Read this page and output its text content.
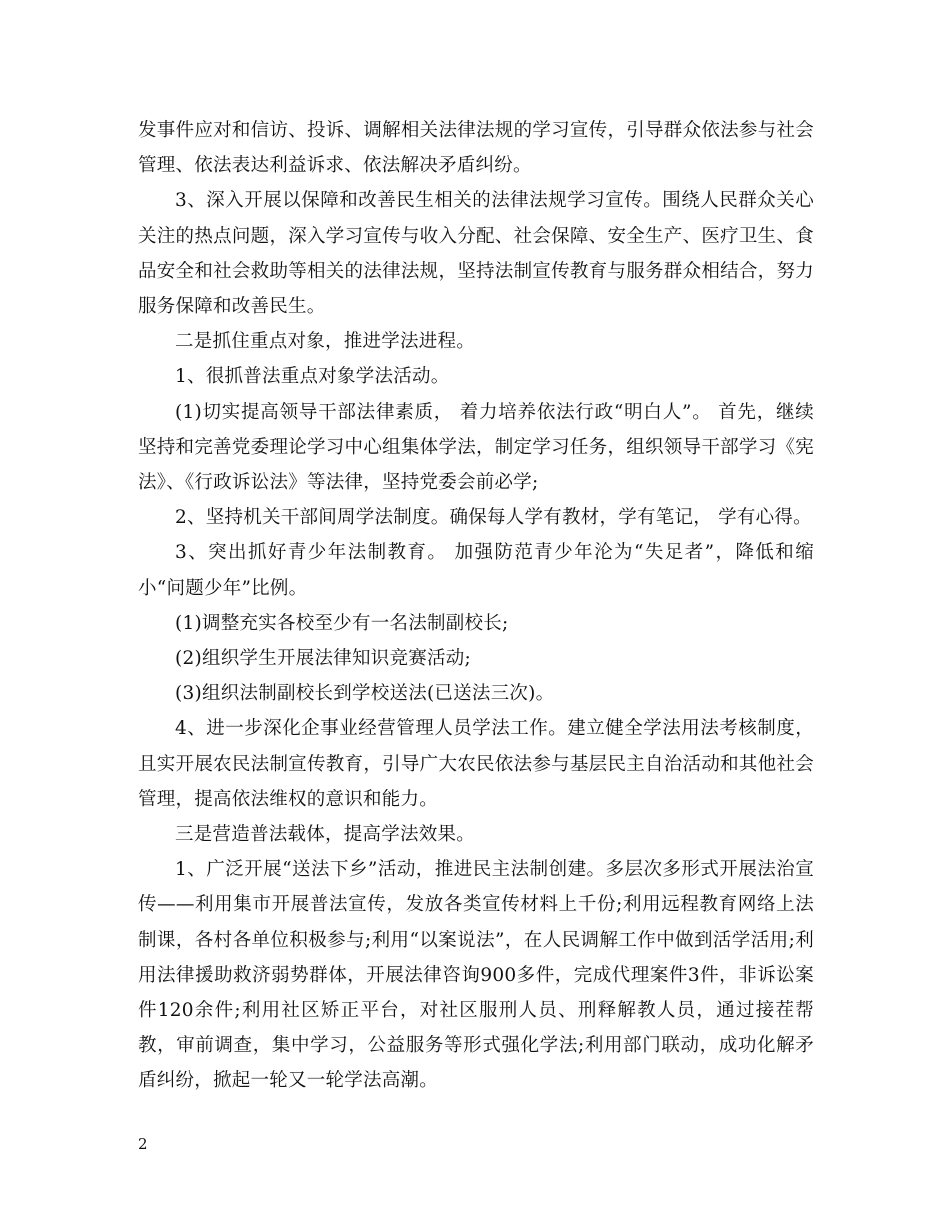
发事件应对和信访、投诉、调解相关法律法规的学习宣传，引导群众依法参与社会管理、依法表达利益诉求、依法解决矛盾纠纷。

3、深入开展以保障和改善民生相关的法律法规学习宣传。围绕人民群众关心关注的热点问题，深入学习宣传与收入分配、社会保障、安全生产、医疗卫生、食品安全和社会救助等相关的法律法规，坚持法制宣传教育与服务群众相结合，努力服务保障和改善民生。

二是抓住重点对象，推进学法进程。

1、很抓普法重点对象学法活动。

(1)切实提高领导干部法律素质， 着力培养依法行政“明白人”。 首先，继续坚持和完善党委理论学习中心组集体学法，制定学习任务，组织领导干部学习《宪法》、《行政诉讼法》等法律，坚持党委会前必学;

2、坚持机关干部间周学法制度。确保每人学有教材，学有笔记， 学有心得。

3、突出抓好青少年法制教育。 加强防范青少年沦为“失足者”，降低和缩小“问题少年”比例。

(1)调整充实各校至少有一名法制副校长;

(2)组织学生开展法律知识竞赛活动;

(3)组织法制副校长到学校送法(已送法三次)。

4、进一步深化企事业经营管理人员学法工作。建立健全学法用法考核制度，且实开展农民法制宣传教育，引导广大农民依法参与基层民主自治活动和其他社会管理，提高依法维权的意识和能力。

三是营造普法载体，提高学法效果。

1、广泛开展“送法下乡”活动，推进民主法制创建。多层次多形式开展法治宣传——利用集市开展普法宣传，发放各类宣传材料上千份;利用远程教育网络上法制课，各村各单位积极参与;利用“以案说法”，在人民调解工作中做到活学活用;利用法律援助救济弱势群体，开展法律咨询900多件，完成代理案件3件，非诉讼案件120余件;利用社区矫正平台，对社区服刑人员、刑释解教人员，通过接茬帮教，审前调查，集中学习，公益服务等形式强化学法;利用部门联动，成功化解矛盾纠纷，掀起一轮又一轮学法高潮。

2
